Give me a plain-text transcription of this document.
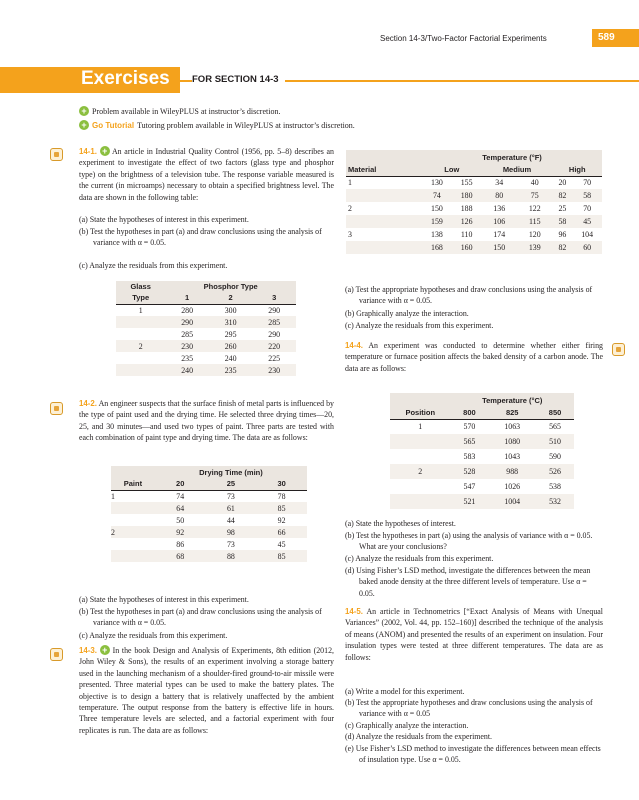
Section 14-3/Two-Factor Factorial Experiments	589
Exercises FOR SECTION 14-3
+ Problem available in WileyPLUS at instructor’s discretion.
+ Go Tutorial Tutoring problem available in WileyPLUS at instructor’s discretion.
14-1. + An article in Industrial Quality Control (1956, pp. 5–8) describes an experiment to investigate the effect of two factors (glass type and phosphor type) on the brightness of a television tube. The response variable measured is the current (in microamps) necessary to obtain a specified brightness level. The data are shown in the following table:
(a) State the hypotheses of interest in this experiment.
(b) Test the hypotheses in part (a) and draw conclusions using the analysis of variance with α = 0.05.
(c) Analyze the residuals from this experiment.
Glass	Phosphor Type		
Type	1	2	3
1	280	300	290
	290	310	285
	285	295	290
2	230	260	220
	235	240	225
	240	235	230
14-2. An engineer suspects that the surface finish of metal parts is influenced by the type of paint used and the drying time. He selected three drying times—20, 25, and 30 minutes—and used two types of paint. Three parts are tested with each combination of paint type and drying time. The data are as follows:
	Drying Time (min)		
Paint	20	25	30
1	74	73	78
	64	61	85
	50	44	92
2	92	98	66
	86	73	45
	68	88	85
(a) State the hypotheses of interest in this experiment.
(b) Test the hypotheses in part (a) and draw conclusions using the analysis of variance with α = 0.05.
(c) Analyze the residuals from this experiment.
14-3. + In the book Design and Analysis of Experiments, 8th edition (2012, John Wiley & Sons), the results of an experiment involving a storage battery used in the launching mechanism of a shoulder-fired ground-to-air missile were presented. Three material types can be used to make the battery plates. The objective is to design a battery that is relatively unaffected by the ambient temperature. The output response from the battery is effective life in hours. Three temperature levels are selected, and a factorial experiment with four replicates is run. The data are as follows:
	Temperature (°F)					
Material	Low		Medium		High	
1	130	155	34	40	20	70
	74	180	80	75	82	58
2	150	188	136	122	25	70
	159	126	106	115	58	45
3	138	110	174	120	96	104
	168	160	150	139	82	60
(a) Test the appropriate hypotheses and draw conclusions using the analysis of variance with α = 0.05.
(b) Graphically analyze the interaction.
(c) Analyze the residuals from this experiment.
14-4. An experiment was conducted to determine whether either firing temperature or furnace position affects the baked density of a carbon anode. The data are as follows:
	Temperature (°C)		
Position	800	825	850
1	570	1063	565
	565	1080	510
	583	1043	590
2	528	988	526
	547	1026	538
	521	1004	532
(a) State the hypotheses of interest.
(b) Test the hypotheses in part (a) using the analysis of variance with α = 0.05. What are your conclusions?
(c) Analyze the residuals from this experiment.
(d) Using Fisher’s LSD method, investigate the differences between the mean baked anode density at the three different levels of temperature. Use α = 0.05.
14-5. An article in Technometrics [“Exact Analysis of Means with Unequal Variances” (2002, Vol. 44, pp. 152–160)] described the technique of the analysis of means (ANOM) and presented the results of an experiment on insulation. Four insulation types were tested at three different temperatures. The data are as follows:
(a) Write a model for this experiment.
(b) Test the appropriate hypotheses and draw conclusions using the analysis of variance with α = 0.05
(c) Graphically analyze the interaction.
(d) Analyze the residuals from the experiment.
(e) Use Fisher’s LSD method to investigate the differences between mean effects of insulation type. Use α = 0.05.
